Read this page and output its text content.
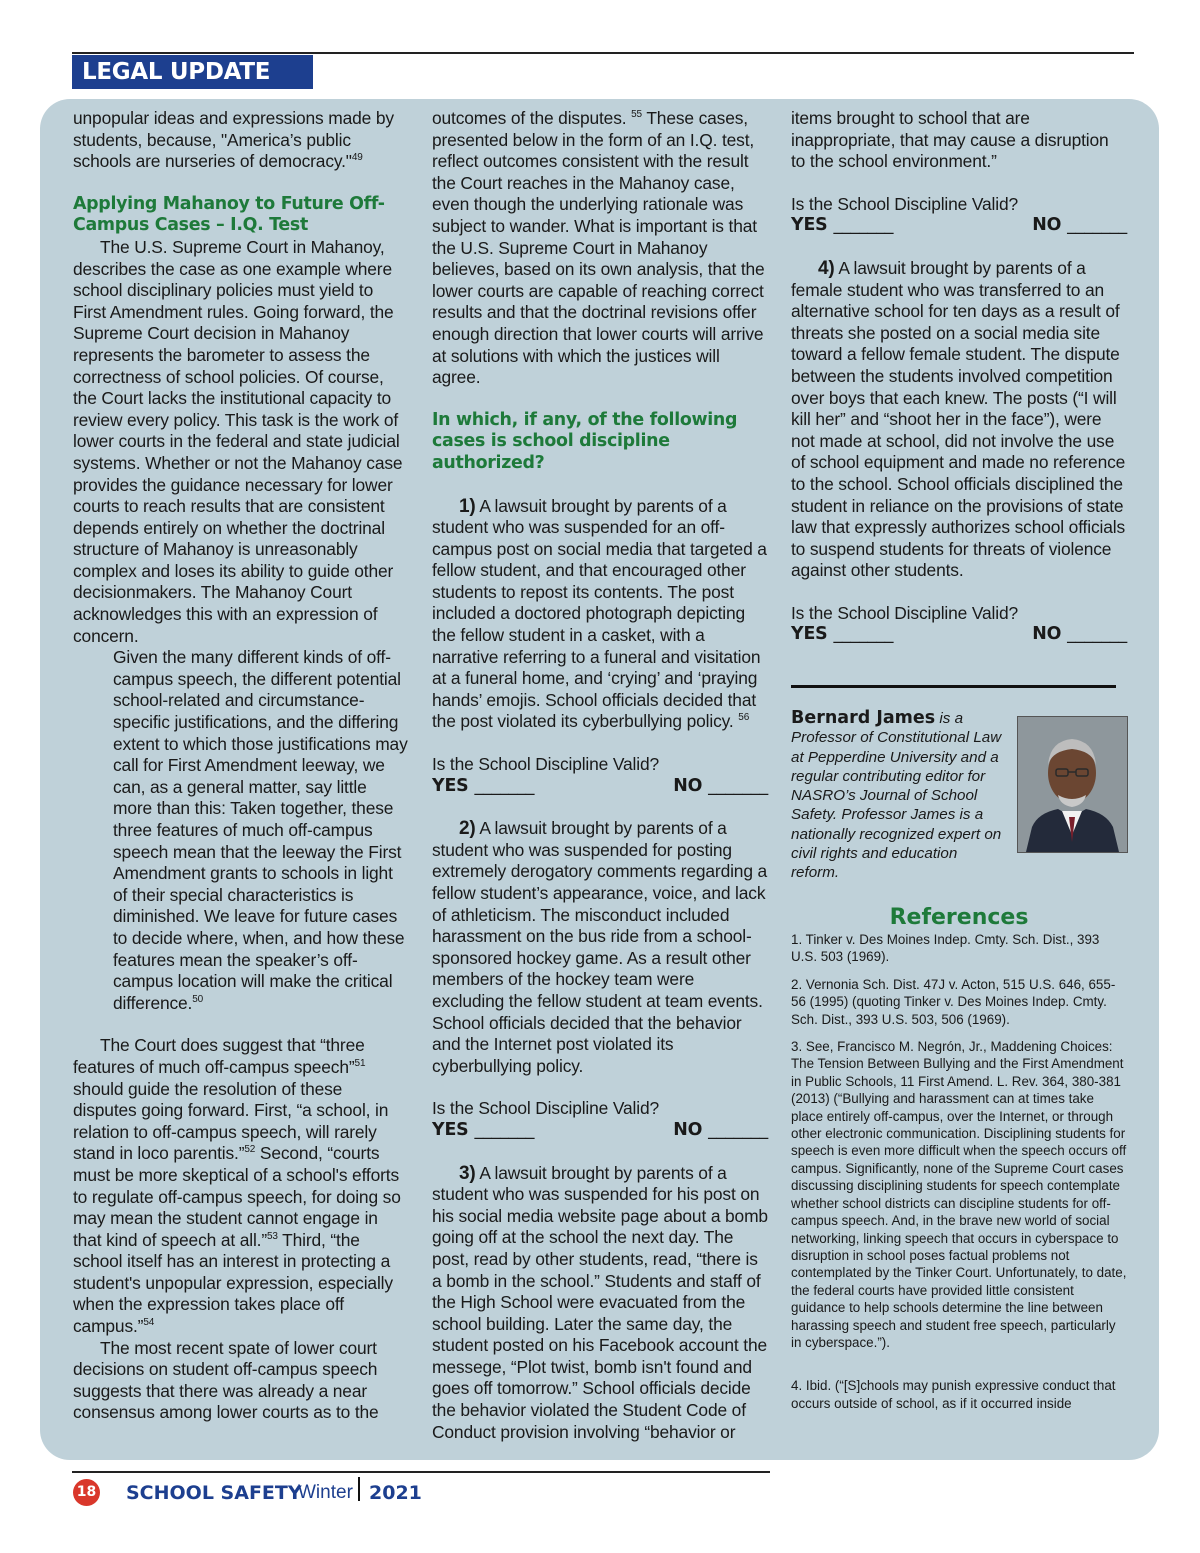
LEGAL UPDATE

unpopular ideas and expressions made by students, because, "America’s public schools are nurseries of democracy."$^{49}$

Applying Mahanoy to Future Off-Campus Cases – I.Q. Test

The U.S. Supreme Court in Mahanoy, describes the case as one example where school disciplinary policies must yield to First Amendment rules. Going forward, the Supreme Court decision in Mahanoy represents the barometer to assess the correctness of school policies. Of course, the Court lacks the institutional capacity to review every policy. This task is the work of lower courts in the federal and state judicial systems. Whether or not the Mahanoy case provides the guidance necessary for lower courts to reach results that are consistent depends entirely on whether the doctrinal structure of Mahanoy is unreasonably complex and loses its ability to guide other decisionmakers. The Mahanoy Court acknowledges this with an expression of concern.

Given the many different kinds of off-campus speech, the different potential school-related and circumstance-specific justifications, and the differing extent to which those justifications may call for First Amendment leeway, we can, as a general matter, say little more than this: Taken together, these three features of much off-campus speech mean that the leeway the First Amendment grants to schools in light of their special characteristics is diminished. We leave for future cases to decide where, when, and how these features mean the speaker’s off-campus location will make the critical difference.$^{50}$

The Court does suggest that “three features of much off-campus speech”$^{51}$ should guide the resolution of these disputes going forward. First, “a school, in relation to off-campus speech, will rarely stand in loco parentis.”$^{52}$ Second, “courts must be more skeptical of a school's efforts to regulate off-campus speech, for doing so may mean the student cannot engage in that kind of speech at all.”$^{53}$ Third, “the school itself has an interest in protecting a student's unpopular expression, especially when the expression takes place off campus.”$^{54}$

The most recent spate of lower court decisions on student off-campus speech suggests that there was already a near consensus among lower courts as to the

outcomes of the disputes. $^{55}$ These cases, presented below in the form of an I.Q. test, reflect outcomes consistent with the result the Court reaches in the Mahanoy case, even though the underlying rationale was subject to wander. What is important is that the U.S. Supreme Court in Mahanoy believes, based on its own analysis, that the lower courts are capable of reaching correct results and that the doctrinal revisions offer enough direction that lower courts will arrive at solutions with which the justices will agree.

In which, if any, of the following cases is school discipline authorized?

1) A lawsuit brought by parents of a student who was suspended for an off-campus post on social media that targeted a fellow student, and that encouraged other students to repost its contents. The post included a doctored photograph depicting the fellow student in a casket, with a narrative referring to a funeral and visitation at a funeral home, and ‘crying’ and ‘praying hands’ emojis. School officials decided that the post violated its cyberbullying policy. $^{56}$

Is the School Discipline Valid?

YES _______	NO _______

2) A lawsuit brought by parents of a student who was suspended for posting extremely derogatory comments regarding a fellow student’s appearance, voice, and lack of athleticism. The misconduct included harassment on the bus ride from a school-sponsored hockey game. As a result other members of the hockey team were excluding the fellow student at team events. School officials decided that the behavior and the Internet post violated its cyberbullying policy.

Is the School Discipline Valid?

YES _______	NO _______

3) A lawsuit brought by parents of a student who was suspended for his post on his social media website page about a bomb going off at the school the next day. The post, read by other students, read, “there is a bomb in the school.” Students and staff of the High School were evacuated from the school building. Later the same day, the student posted on his Facebook account the messege, “Plot twist, bomb isn't found and goes off tomorrow.” School officials decide the behavior violated the Student Code of Conduct provision involving “behavior or

items brought to school that are inappropriate, that may cause a disruption to the school environment.”

Is the School Discipline Valid?

YES _______	NO _______

4) A lawsuit brought by parents of a female student who was transferred to an alternative school for ten days as a result of threats she posted on a social media site toward a fellow female student. The dispute between the students involved competition over boys that each knew. The posts (“I will kill her” and “shoot her in the face”), were not made at school, did not involve the use of school equipment and made no reference to the school. School officials disciplined the student in reliance on the provisions of state law that expressly authorizes school officials to suspend students for threats of violence against other students.

Is the School Discipline Valid?

YES _______	NO _______
Bernard James is a Professor of Constitutional Law at Pepperdine University and a regular contributing editor for NASRO’s Journal of School Safety. Professor James is a nationally recognized expert on civil rights and education reform.
References

1. Tinker v. Des Moines Indep. Cmty. Sch. Dist., 393 U.S. 503 (1969).

2. Vernonia Sch. Dist. 47J v. Acton, 515 U.S. 646, 655-56 (1995) (quoting Tinker v. Des Moines Indep. Cmty. Sch. Dist., 393 U.S. 503, 506 (1969).

3. See, Francisco M. Negrón, Jr., Maddening Choices: The Tension Between Bullying and the First Amendment in Public Schools, 11 First Amend. L. Rev. 364, 380-381 (2013) (“Bullying and harassment can at times take place entirely off-campus, over the Internet, or through other electronic communication. Disciplining students for speech is even more difficult when the speech occurs off campus. Significantly, none of the Supreme Court cases discussing disciplining students for speech contemplate whether school districts can discipline students for off-campus speech. And, in the brave new world of social networking, linking speech that occurs in cyberspace to disruption in school poses factual problems not contemplated by the Tinker Court. Unfortunately, to date, the federal courts have provided little consistent guidance to help schools determine the line between harassing speech and student free speech, particularly in cyberspace.”).

4. Ibid. (“[S]chools may punish expressive conduct that occurs outside of school, as if it occurred inside

18 SCHOOL SAFETY
Winter 2021
